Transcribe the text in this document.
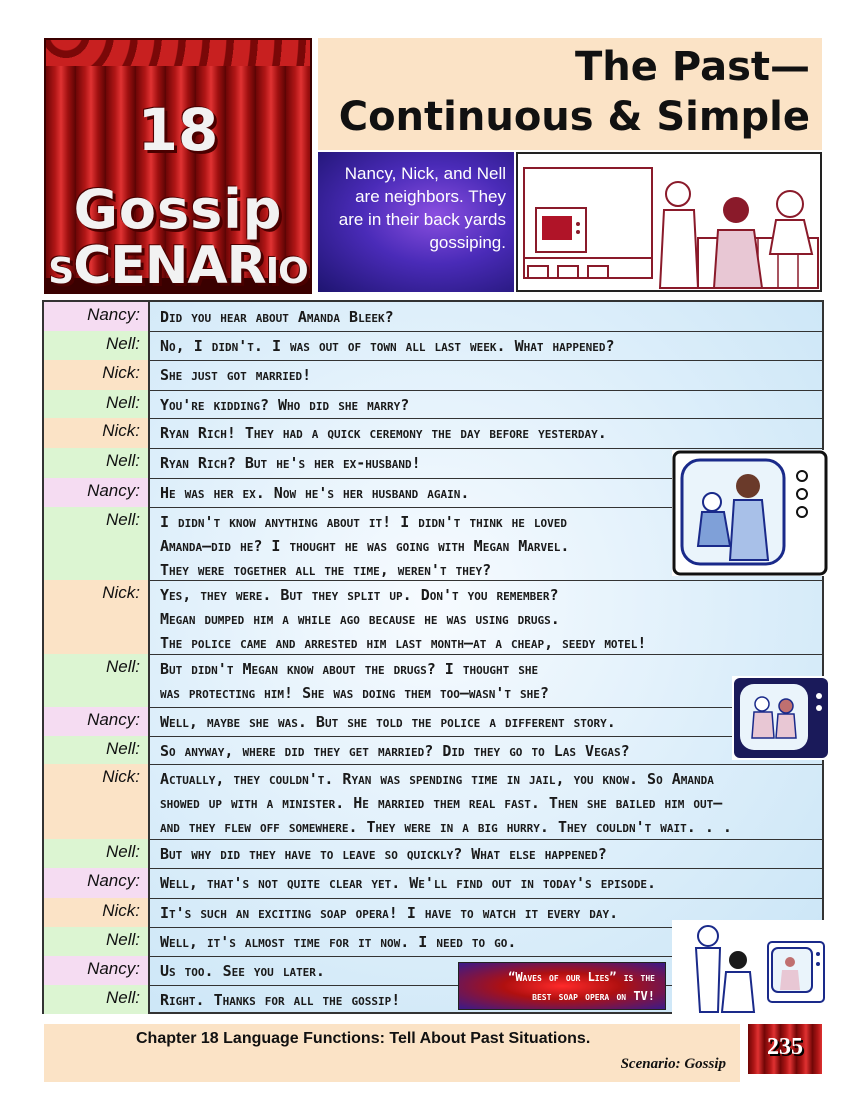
18
Gossip
sCENARio
The Past—
Continuous & Simple
Nancy, Nick, and Nell are neighbors. They are in their back yards gossiping.
Nancy:	Did you hear about Amanda Bleek?
Nell:	No, I didn't. I was out of town all last week. What happened?
Nick:	She just got married!
Nell:	You're kidding? Who did she marry?
Nick:	Ryan Rich! They had a quick ceremony the day before yesterday.
Nell:	Ryan Rich? But he's her ex-husband!
Nancy:	He was her ex. Now he's her husband again.
Nell:	I didn't know anything about it! I didn't think he loved
Amanda—did he? I thought he was going with Megan Marvel.
They were together all the time, weren't they?
Nick:	Yes, they were. But they split up. Don't you remember?
Megan dumped him a while ago because he was using drugs.
The police came and arrested him last month—at a cheap, seedy motel!
Nell:	But didn't Megan know about the drugs? I thought she
was protecting him! She was doing them too—wasn't she?
Nancy:	Well, maybe she was. But she told the police a different story.
Nell:	So anyway, where did they get married? Did they go to Las Vegas?
Nick:	Actually, they couldn't. Ryan was spending time in jail, you know. So Amanda
showed up with a minister. He married them real fast. Then she bailed him out—
and they flew off somewhere. They were in a big hurry. They couldn't wait. . .
Nell:	But why did they have to leave so quickly? What else happened?
Nancy:	Well, that's not quite clear yet. We'll find out in today's episode.
Nick:	It's such an exciting soap opera! I have to watch it every day.
Nell:	Well, it's almost time for it now. I need to go.
Nancy:	Us too. See you later.
Nell:	Right. Thanks for all the gossip!
“Waves of our Lies” is the
best soap opera on TV!
Chapter 18 Language Functions: Tell About Past Situations.
Scenario: Gossip
235
